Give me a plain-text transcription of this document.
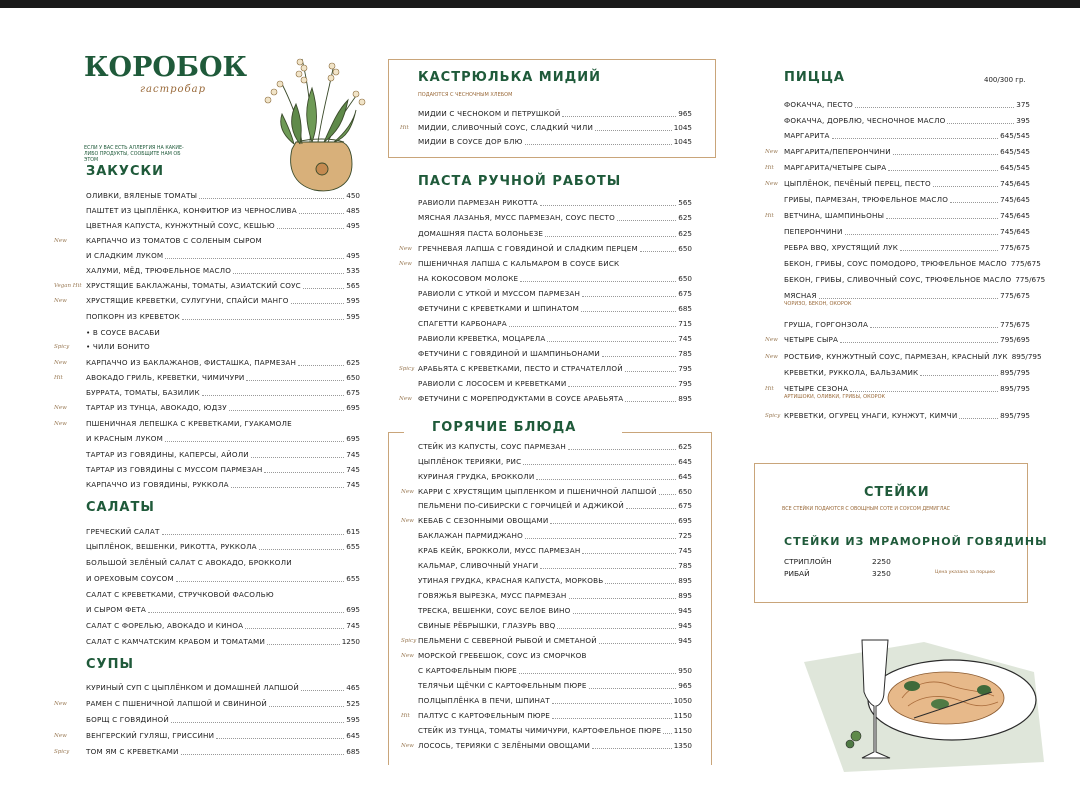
КОРОБОК
гастробар
ЕСЛИ У ВАС ЕСТЬ АЛЛЕРГИЯ НА КАКИЕ-ЛИБО ПРОДУКТЫ, СООБЩИТЕ НАМ ОБ ЭТОМ
ЗАКУСКИ
ОЛИВКИ, ВЯЛЕНЫЕ ТОМАТЫ	450
ПАШТЕТ ИЗ ЦЫПЛЁНКА, КОНФИТЮР ИЗ ЧЕРНОСЛИВА	485
ЦВЕТНАЯ КАПУСТА, КУНЖУТНЫЙ СОУС, КЕШЬЮ	495
КАРПАЧЧО ИЗ ТОМАТОВ С СОЛЕНЫМ СЫРОМ
New
И СЛАДКИМ ЛУКОМ	495
ХАЛУМИ, МЁД, ТРЮФЕЛЬНОЕ МАСЛО	535
ХРУСТЯЩИЕ БАКЛАЖАНЫ, ТОМАТЫ, АЗИАТСКИЙ СОУС	565
Vegan Hit
ХРУСТЯЩИЕ КРЕВЕТКИ, СУЛУГУНИ, СПАЙСИ МАНГО	595
New
ПОПКОРН ИЗ КРЕВЕТОК	595
• В СОУСЕ ВАСАБИ
• ЧИЛИ БОНИТО
Spicy
КАРПАЧЧО ИЗ БАКЛАЖАНОВ, ФИСТАШКА, ПАРМЕЗАН	625
New
АВОКАДО ГРИЛЬ, КРЕВЕТКИ, ЧИМИЧУРИ	650
Hit
БУРРАТА, ТОМАТЫ, БАЗИЛИК	675
ТАРТАР ИЗ ТУНЦА, АВОКАДО, ЮДЗУ	695
New
ПШЕНИЧНАЯ ЛЕПЕШКА С КРЕВЕТКАМИ, ГУАКАМОЛЕ
New
И КРАСНЫМ ЛУКОМ	695
ТАРТАР ИЗ ГОВЯДИНЫ, КАПЕРСЫ, АЙОЛИ	745
ТАРТАР ИЗ ГОВЯДИНЫ С МУССОМ ПАРМЕЗАН	745
КАРПАЧЧО ИЗ ГОВЯДИНЫ, РУККОЛА	745
САЛАТЫ
ГРЕЧЕСКИЙ САЛАТ	615
ЦЫПЛЁНОК, ВЕШЕНКИ, РИКОТТА, РУККОЛА	655
БОЛЬШОЙ ЗЕЛЁНЫЙ САЛАТ С АВОКАДО, БРОККОЛИ
И ОРЕХОВЫМ СОУСОМ	655
САЛАТ С КРЕВЕТКАМИ, СТРУЧКОВОЙ ФАСОЛЬЮ
И СЫРОМ ФЕТА	695
САЛАТ С ФОРЕЛЬЮ, АВОКАДО И КИНОА	745
САЛАТ С КАМЧАТСКИМ КРАБОМ И ТОМАТАМИ	1250
СУПЫ
КУРИНЫЙ СУП С ЦЫПЛЁНКОМ И ДОМАШНЕЙ ЛАПШОЙ	465
РАМЕН С ПШЕНИЧНОЙ ЛАПШОЙ И СВИНИНОЙ	525
New
БОРЩ С ГОВЯДИНОЙ	595
ВЕНГЕРСКИЙ ГУЛЯШ, ГРИССИНИ	645
New
ТОМ ЯМ С КРЕВЕТКАМИ	685
Spicy
КАСТРЮЛЬКА МИДИЙ
ПОДАЮТСЯ С ЧЕСНОЧНЫМ ХЛЕБОМ
МИДИИ С ЧЕСНОКОМ И ПЕТРУШКОЙ	965
МИДИИ, СЛИВОЧНЫЙ СОУС, СЛАДКИЙ ЧИЛИ	1045
Hit
МИДИИ В СОУСЕ ДОР БЛЮ	1045
ПАСТА РУЧНОЙ РАБОТЫ
РАВИОЛИ ПАРМЕЗАН РИКОТТА	565
МЯСНАЯ ЛАЗАНЬЯ, МУСС ПАРМЕЗАН, СОУС ПЕСТО	625
ДОМАШНЯЯ ПАСТА БОЛОНЬЕЗЕ	625
ГРЕЧНЕВАЯ ЛАПША С ГОВЯДИНОЙ И СЛАДКИМ ПЕРЦЕМ	650
New
ПШЕНИЧНАЯ ЛАПША С КАЛЬМАРОМ В СОУСЕ БИСК
New
НА КОКОСОВОМ МОЛОКЕ	650
РАВИОЛИ С УТКОЙ И МУССОМ ПАРМЕЗАН	675
ФЕТУЧИНИ С КРЕВЕТКАМИ И ШПИНАТОМ	685
СПАГЕТТИ КАРБОНАРА	715
РАВИОЛИ КРЕВЕТКА, МОЦАРЕЛА	745
ФЕТУЧИНИ С ГОВЯДИНОЙ И ШАМПИНЬОНАМИ	785
АРАБЬЯТА С КРЕВЕТКАМИ, ПЕСТО И СТРАЧАТЕЛЛОЙ	795
Spicy
РАВИОЛИ С ЛОСОСЕМ И КРЕВЕТКАМИ	795
ФЕТУЧИНИ С МОРЕПРОДУКТАМИ В СОУСЕ АРАБЬЯТА	895
New
ГОРЯЧИЕ БЛЮДА
СТЕЙК ИЗ КАПУСТЫ, СОУС ПАРМЕЗАН	625
ЦЫПЛЁНОК ТЕРИЯКИ, РИС	645
КУРИНАЯ ГРУДКА, БРОККОЛИ	645
КАРРИ С ХРУСТЯЩИМ ЦЫПЛЕНКОМ И ПШЕНИЧНОЙ ЛАПШОЙ	650
New
ПЕЛЬМЕНИ ПО-СИБИРСКИ С ГОРЧИЦЕЙ И АДЖИКОЙ	675
КЕБАБ С СЕЗОННЫМИ ОВОЩАМИ	695
New
БАКЛАЖАН ПАРМИДЖАНО	725
КРАБ КЕЙК, БРОККОЛИ, МУСС ПАРМЕЗАН	745
КАЛЬМАР, СЛИВОЧНЫЙ УНАГИ	785
УТИНАЯ ГРУДКА, КРАСНАЯ КАПУСТА, МОРКОВЬ	895
ГОВЯЖЬЯ ВЫРЕЗКА, МУСС ПАРМЕЗАН	895
ТРЕСКА, ВЕШЕНКИ, СОУС БЕЛОЕ ВИНО	945
СВИНЫЕ РЁБРЫШКИ, ГЛАЗУРЬ BBQ	945
ПЕЛЬМЕНИ С СЕВЕРНОЙ РЫБОЙ И СМЕТАНОЙ	945
Spicy
МОРСКОЙ ГРЕБЕШОК, СОУС ИЗ СМОРЧКОВ
New
С КАРТОФЕЛЬНЫМ ПЮРЕ	950
ТЕЛЯЧЬИ ЩЁЧКИ С КАРТОФЕЛЬНЫМ ПЮРЕ	965
ПОЛЦЫПЛЁНКА В ПЕЧИ, ШПИНАТ	1050
ПАЛТУС С КАРТОФЕЛЬНЫМ ПЮРЕ	1150
Hit
СТЕЙК ИЗ ТУНЦА, ТОМАТЫ ЧИМИЧУРИ, КАРТОФЕЛЬНОЕ ПЮРЕ 1150
ЛОСОСЬ, ТЕРИЯКИ С ЗЕЛЁНЫМИ ОВОЩАМИ	1350
New
ПИЦЦА	400/300 гр.
ФОКАЧЧА, ПЕСТО	375
ФОКАЧЧА, ДОРБЛЮ, ЧЕСНОЧНОЕ МАСЛО	395
МАРГАРИТА	645/545
МАРГАРИТА/ПЕПЕРОНЧИНИ	645/545
New
МАРГАРИТА/ЧЕТЫРЕ СЫРА	645/545
Hit
ЦЫПЛЁНОК, ПЕЧЁНЫЙ ПЕРЕЦ, ПЕСТО	745/645
New
ГРИБЫ, ПАРМЕЗАН, ТРЮФЕЛЬНОЕ МАСЛО	745/645
ВЕТЧИНА, ШАМПИНЬОНЫ	745/645
Hit
ПЕПЕРОНЧИНИ	745/645
РЕБРА BBQ, ХРУСТЯЩИЙ ЛУК	775/675
БЕКОН, ГРИБЫ, СОУС ПОМОДОРО, ТРЮФЕЛЬНОЕ МАСЛО 775/675
БЕКОН, ГРИБЫ, СЛИВОЧНЫЙ СОУС, ТРЮФЕЛЬНОЕ МАСЛО 775/675
МЯСНАЯ	775/675
ЧОРИЗО, БЕКОН, ОКОРОК
ГРУША, ГОРГОНЗОЛА	775/675
ЧЕТЫРЕ СЫРА	795/695
New
РОСТБИФ, КУНЖУТНЫЙ СОУС, ПАРМЕЗАН, КРАСНЫЙ ЛУК 895/795
New
КРЕВЕТКИ, РУККОЛА, БАЛЬЗАМИК	895/795
ЧЕТЫРЕ СЕЗОНА	895/795
Hit
АРТИШОКИ, ОЛИВКИ, ГРИБЫ, ОКОРОК
КРЕВЕТКИ, ОГУРЕЦ УНАГИ, КУНЖУТ, КИМЧИ	895/795
Spicy
СТЕЙКИ
ВСЕ СТЕЙКИ ПОДАЮТСЯ С ОВОЩНЫМ СОТЕ И СОУСОМ ДЕМИГЛАС
СТЕЙКИ ИЗ МРАМОРНОЙ ГОВЯДИНЫ
СТРИПЛОЙН	2250
РИБАЙ	3250	Цена указана за порцию
